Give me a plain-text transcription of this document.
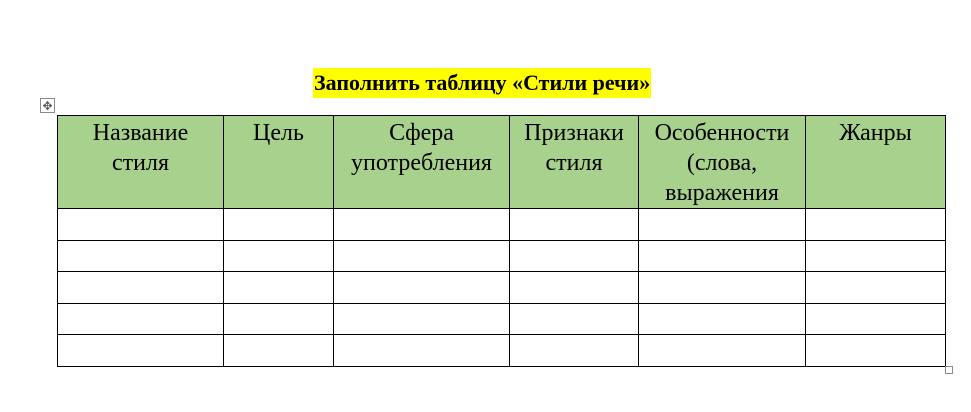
Заполнить таблицу «Стили речи»
✥
Название стиля	Цель	Сфера употребления	Признаки стиля	Особенности (слова, выражения	Жанры
